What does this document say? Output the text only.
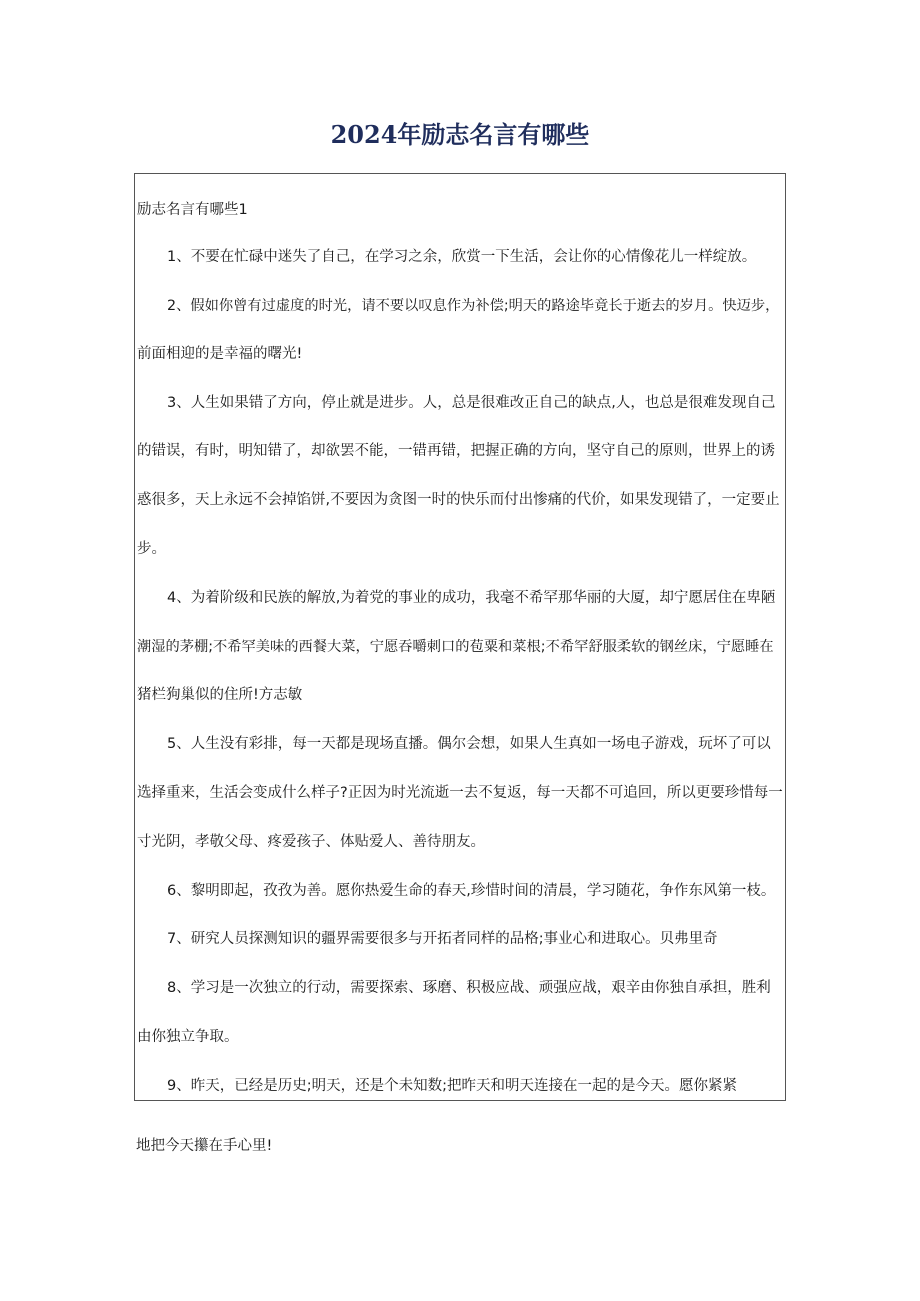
2024年励志名言有哪些

励志名言有哪些1

1、不要在忙碌中迷失了自己，在学习之余，欣赏一下生活，会让你的心情像花儿一样绽放。

2、假如你曾有过虚度的时光，请不要以叹息作为补偿;明天的路途毕竟长于逝去的岁月。快迈步，

前面相迎的是幸福的曙光!

3、人生如果错了方向，停止就是进步。人，总是很难改正自己的缺点,人，也总是很难发现自己

的错误，有时，明知错了，却欲罢不能，一错再错，把握正确的方向，坚守自己的原则，世界上的诱

惑很多，天上永远不会掉馅饼,不要因为贪图一时的快乐而付出惨痛的代价，如果发现错了，一定要止

步。

4、为着阶级和民族的解放,为着党的事业的成功，我毫不希罕那华丽的大厦，却宁愿居住在卑陋

潮湿的茅棚;不希罕美味的西餐大菜，宁愿吞嚼刺口的苞粟和菜根;不希罕舒服柔软的钢丝床，宁愿睡在

猪栏狗巢似的住所!方志敏

5、人生没有彩排，每一天都是现场直播。偶尔会想，如果人生真如一场电子游戏，玩坏了可以

选择重来，生活会变成什么样子?正因为时光流逝一去不复返，每一天都不可追回，所以更要珍惜每一

寸光阴，孝敬父母、疼爱孩子、体贴爱人、善待朋友。

6、黎明即起，孜孜为善。愿你热爱生命的春天,珍惜时间的清晨，学习随花，争作东风第一枝。

7、研究人员探测知识的疆界需要很多与开拓者同样的品格;事业心和进取心。贝弗里奇

8、学习是一次独立的行动，需要探索、琢磨、积极应战、顽强应战，艰辛由你独自承担，胜利

由你独立争取。

9、昨天，已经是历史;明天，还是个未知数;把昨天和明天连接在一起的是今天。愿你紧紧

地把今天攥在手心里!
